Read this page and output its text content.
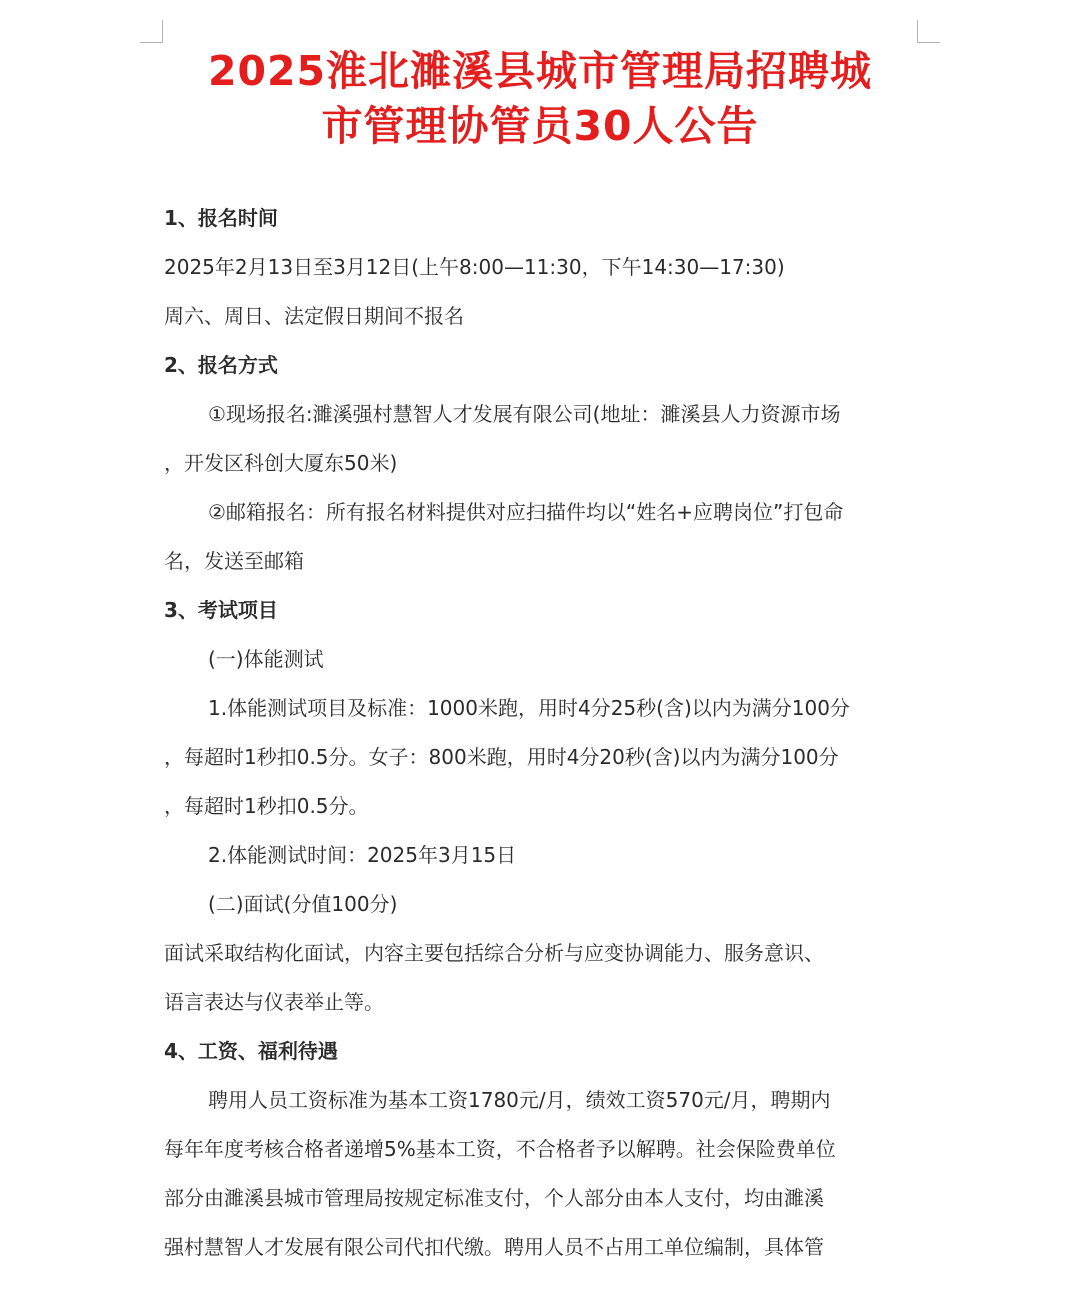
2025淮北濉溪县城市管理局招聘城
市管理协管员30人公告

1、报名时间

2025年2月13日至3月12日(上午8:00—11:30，下午14:30—17:30)

周六、周日、法定假日期间不报名

2、报名方式

①现场报名:濉溪强村慧智人才发展有限公司(地址：濉溪县人力资源市场

，开发区科创大厦东50米)

②邮箱报名：所有报名材料提供对应扫描件均以“姓名+应聘岗位”打包命

名，发送至邮箱

3、考试项目

(一)体能测试

1.体能测试项目及标准：1000米跑，用时4分25秒(含)以内为满分100分

，每超时1秒扣0.5分。女子：800米跑，用时4分20秒(含)以内为满分100分

，每超时1秒扣0.5分。

2.体能测试时间：2025年3月15日

(二)面试(分值100分)

面试采取结构化面试，内容主要包括综合分析与应变协调能力、服务意识、

语言表达与仪表举止等。

4、工资、福利待遇

聘用人员工资标准为基本工资1780元/月，绩效工资570元/月，聘期内

每年年度考核合格者递增5%基本工资，不合格者予以解聘。社会保险费单位

部分由濉溪县城市管理局按规定标准支付，个人部分由本人支付，均由濉溪

强村慧智人才发展有限公司代扣代缴。聘用人员不占用工单位编制，具体管
